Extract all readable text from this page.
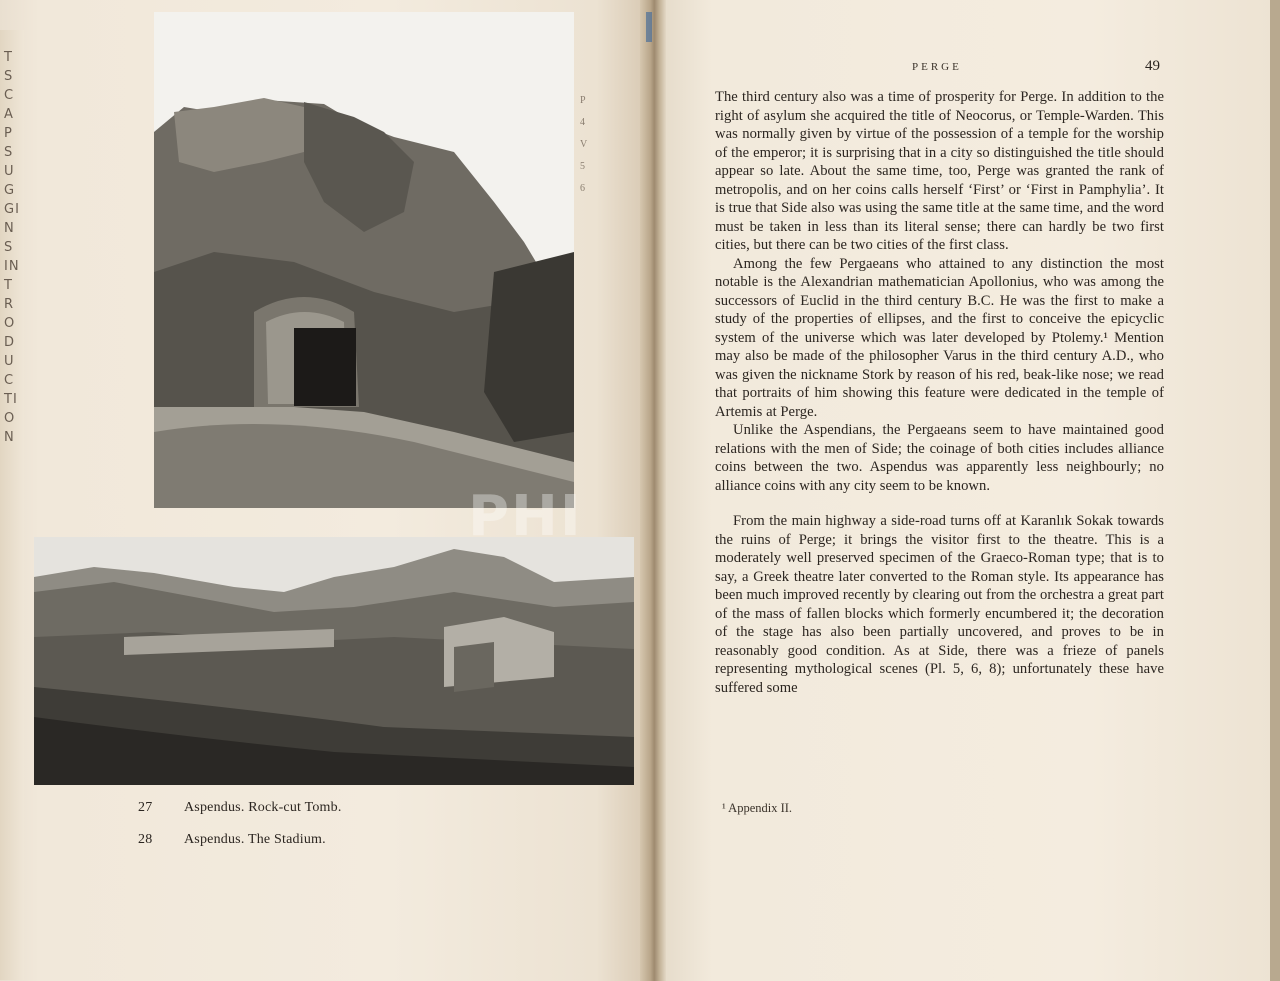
TSCAPS UGGINS INTRODUCTION
P
4
V
5
6
27	Aspendus. Rock-cut Tomb.
28	Aspendus. The Stadium.
PERGE	49

The third century also was a time of prosperity for Perge. In addition to the right of asylum she acquired the title of Neocorus, or Temple-Warden. This was normally given by virtue of the possession of a temple for the worship of the emperor; it is surprising that in a city so distinguished the title should appear so late. About the same time, too, Perge was granted the rank of metropolis, and on her coins calls herself ‘First’ or ‘First in Pamphylia’. It is true that Side also was using the same title at the same time, and the word must be taken in less than its literal sense; there can hardly be two first cities, but there can be two cities of the first class.

Among the few Pergaeans who attained to any distinction the most notable is the Alexandrian mathematician Apollonius, who was among the successors of Euclid in the third century B.C. He was the first to make a study of the properties of ellipses, and the first to conceive the epicyclic system of the universe which was later developed by Ptolemy.¹ Mention may also be made of the philosopher Varus in the third century A.D., who was given the nickname Stork by reason of his red, beak-like nose; we read that portraits of him showing this feature were dedicated in the temple of Artemis at Perge.

Unlike the Aspendians, the Pergaeans seem to have maintained good relations with the men of Side; the coinage of both cities includes alliance coins between the two. Aspendus was apparently less neighbourly; no alliance coins with any city seem to be known.

From the main highway a side-road turns off at Karanlık Sokak towards the ruins of Perge; it brings the visitor first to the theatre. This is a moderately well preserved specimen of the Graeco-Roman type; that is to say, a Greek theatre later converted to the Roman style. Its appearance has been much improved recently by clearing out from the orchestra a great part of the mass of fallen blocks which formerly encumbered it; the decoration of the stage has also been partially uncovered, and proves to be in reasonably good condition. As at Side, there was a frieze of panels representing mythological scenes (Pl. 5, 6, 8); unfortunately these have suffered some

¹ Appendix II.
PHI
